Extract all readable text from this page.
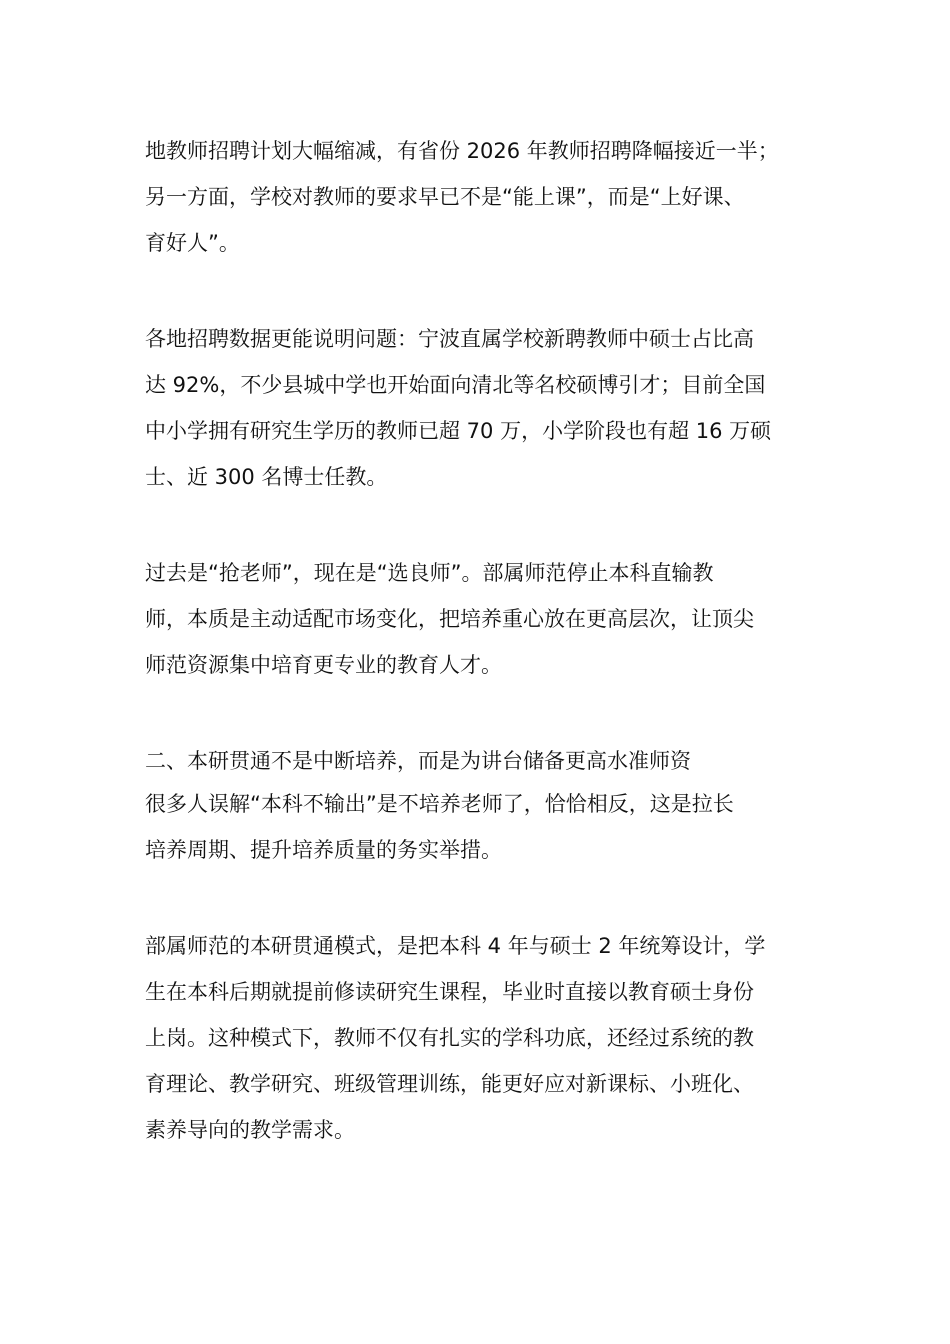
地教师招聘计划大幅缩减，有省份 2026 年教师招聘降幅接近一半；
另一方面，学校对教师的要求早已不是“能上课”，而是“上好课、
育好人”。
各地招聘数据更能说明问题：宁波直属学校新聘教师中硕士占比高
达 92%，不少县城中学也开始面向清北等名校硕博引才；目前全国
中小学拥有研究生学历的教师已超 70 万，小学阶段也有超 16 万硕
士、近 300 名博士任教。
过去是“抢老师”，现在是“选良师”。部属师范停止本科直输教
师，本质是主动适配市场变化，把培养重心放在更高层次，让顶尖
师范资源集中培育更专业的教育人才。
二、本研贯通不是中断培养，而是为讲台储备更高水准师资
很多人误解“本科不输出”是不培养老师了，恰恰相反，这是拉长
培养周期、提升培养质量的务实举措。
部属师范的本研贯通模式，是把本科 4 年与硕士 2 年统筹设计，学
生在本科后期就提前修读研究生课程，毕业时直接以教育硕士身份
上岗。这种模式下，教师不仅有扎实的学科功底，还经过系统的教
育理论、教学研究、班级管理训练，能更好应对新课标、小班化、
素养导向的教学需求。
